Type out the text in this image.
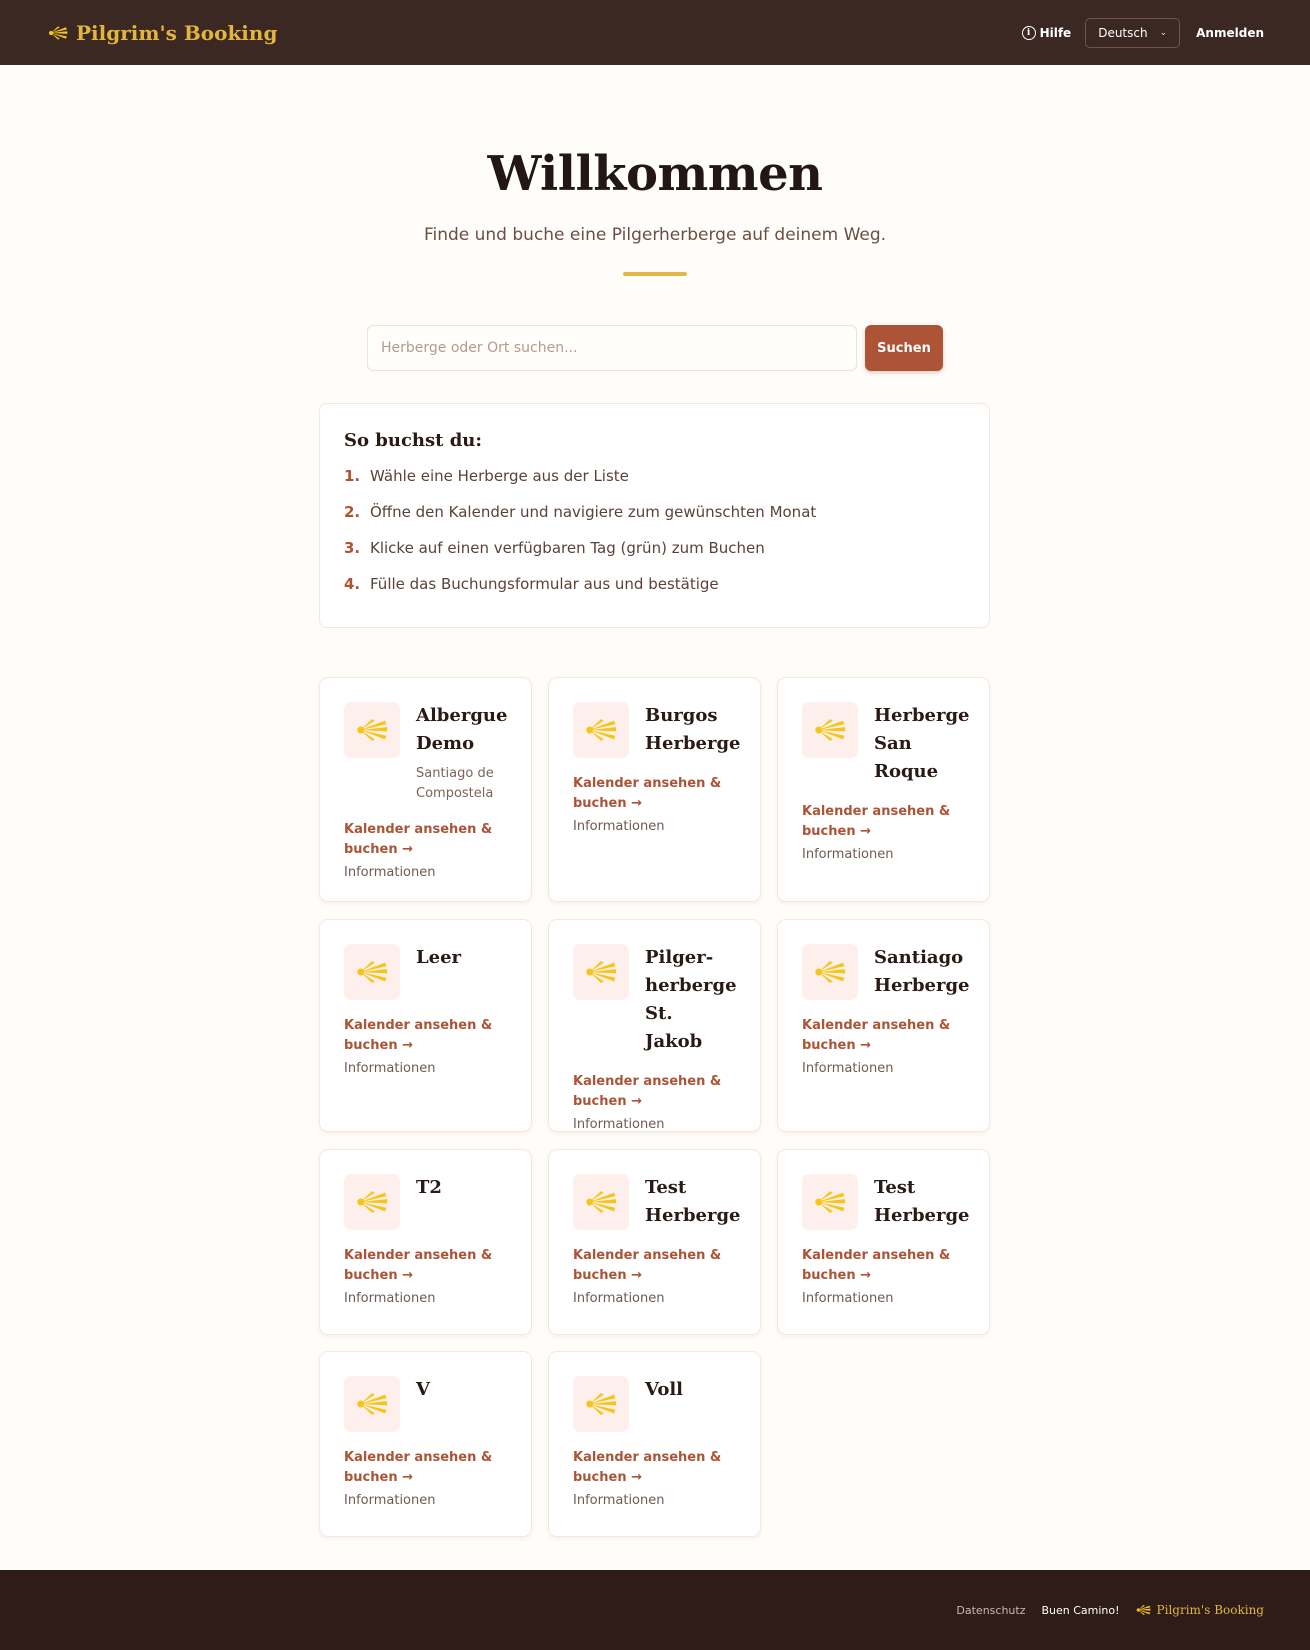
Pilgrim's Booking	i Hilfe Deutsch ⌄ Anmelden
Willkommen

Finde und buche eine Pilgerherberge auf deinem Weg.

Herberge oder Ort suchen...
Suchen
So buchst du:
1. Wähle eine Herberge aus der Liste
2. Öffne den Kalender und navigiere zum gewünschten Monat
3. Klicke auf einen verfügbaren Tag (grün) zum Buchen
4. Fülle das Buchungsformular aus und bestätige
Albergue
Demo
Santiago de
Compostela
Kalender ansehen &
buchen →
Informationen
Burgos
Herberge
Kalender ansehen &
buchen →
Informationen
Herberge
San
Roque
Kalender ansehen &
buchen →
Informationen
Leer
Kalender ansehen &
buchen →
Informationen
Pilger-
herberge
St. Jakob
Kalender ansehen &
buchen →
Informationen
Santiago
Herberge
Kalender ansehen &
buchen →
Informationen
T2
Kalender ansehen &
buchen →
Informationen
Test
Herberge
Kalender ansehen &
buchen →
Informationen
Test
Herberge
Kalender ansehen &
buchen →
Informationen
V
Kalender ansehen &
buchen →
Informationen
Voll
Kalender ansehen &
buchen →
Informationen
Datenschutz Buen Camino!	Pilgrim's Booking
